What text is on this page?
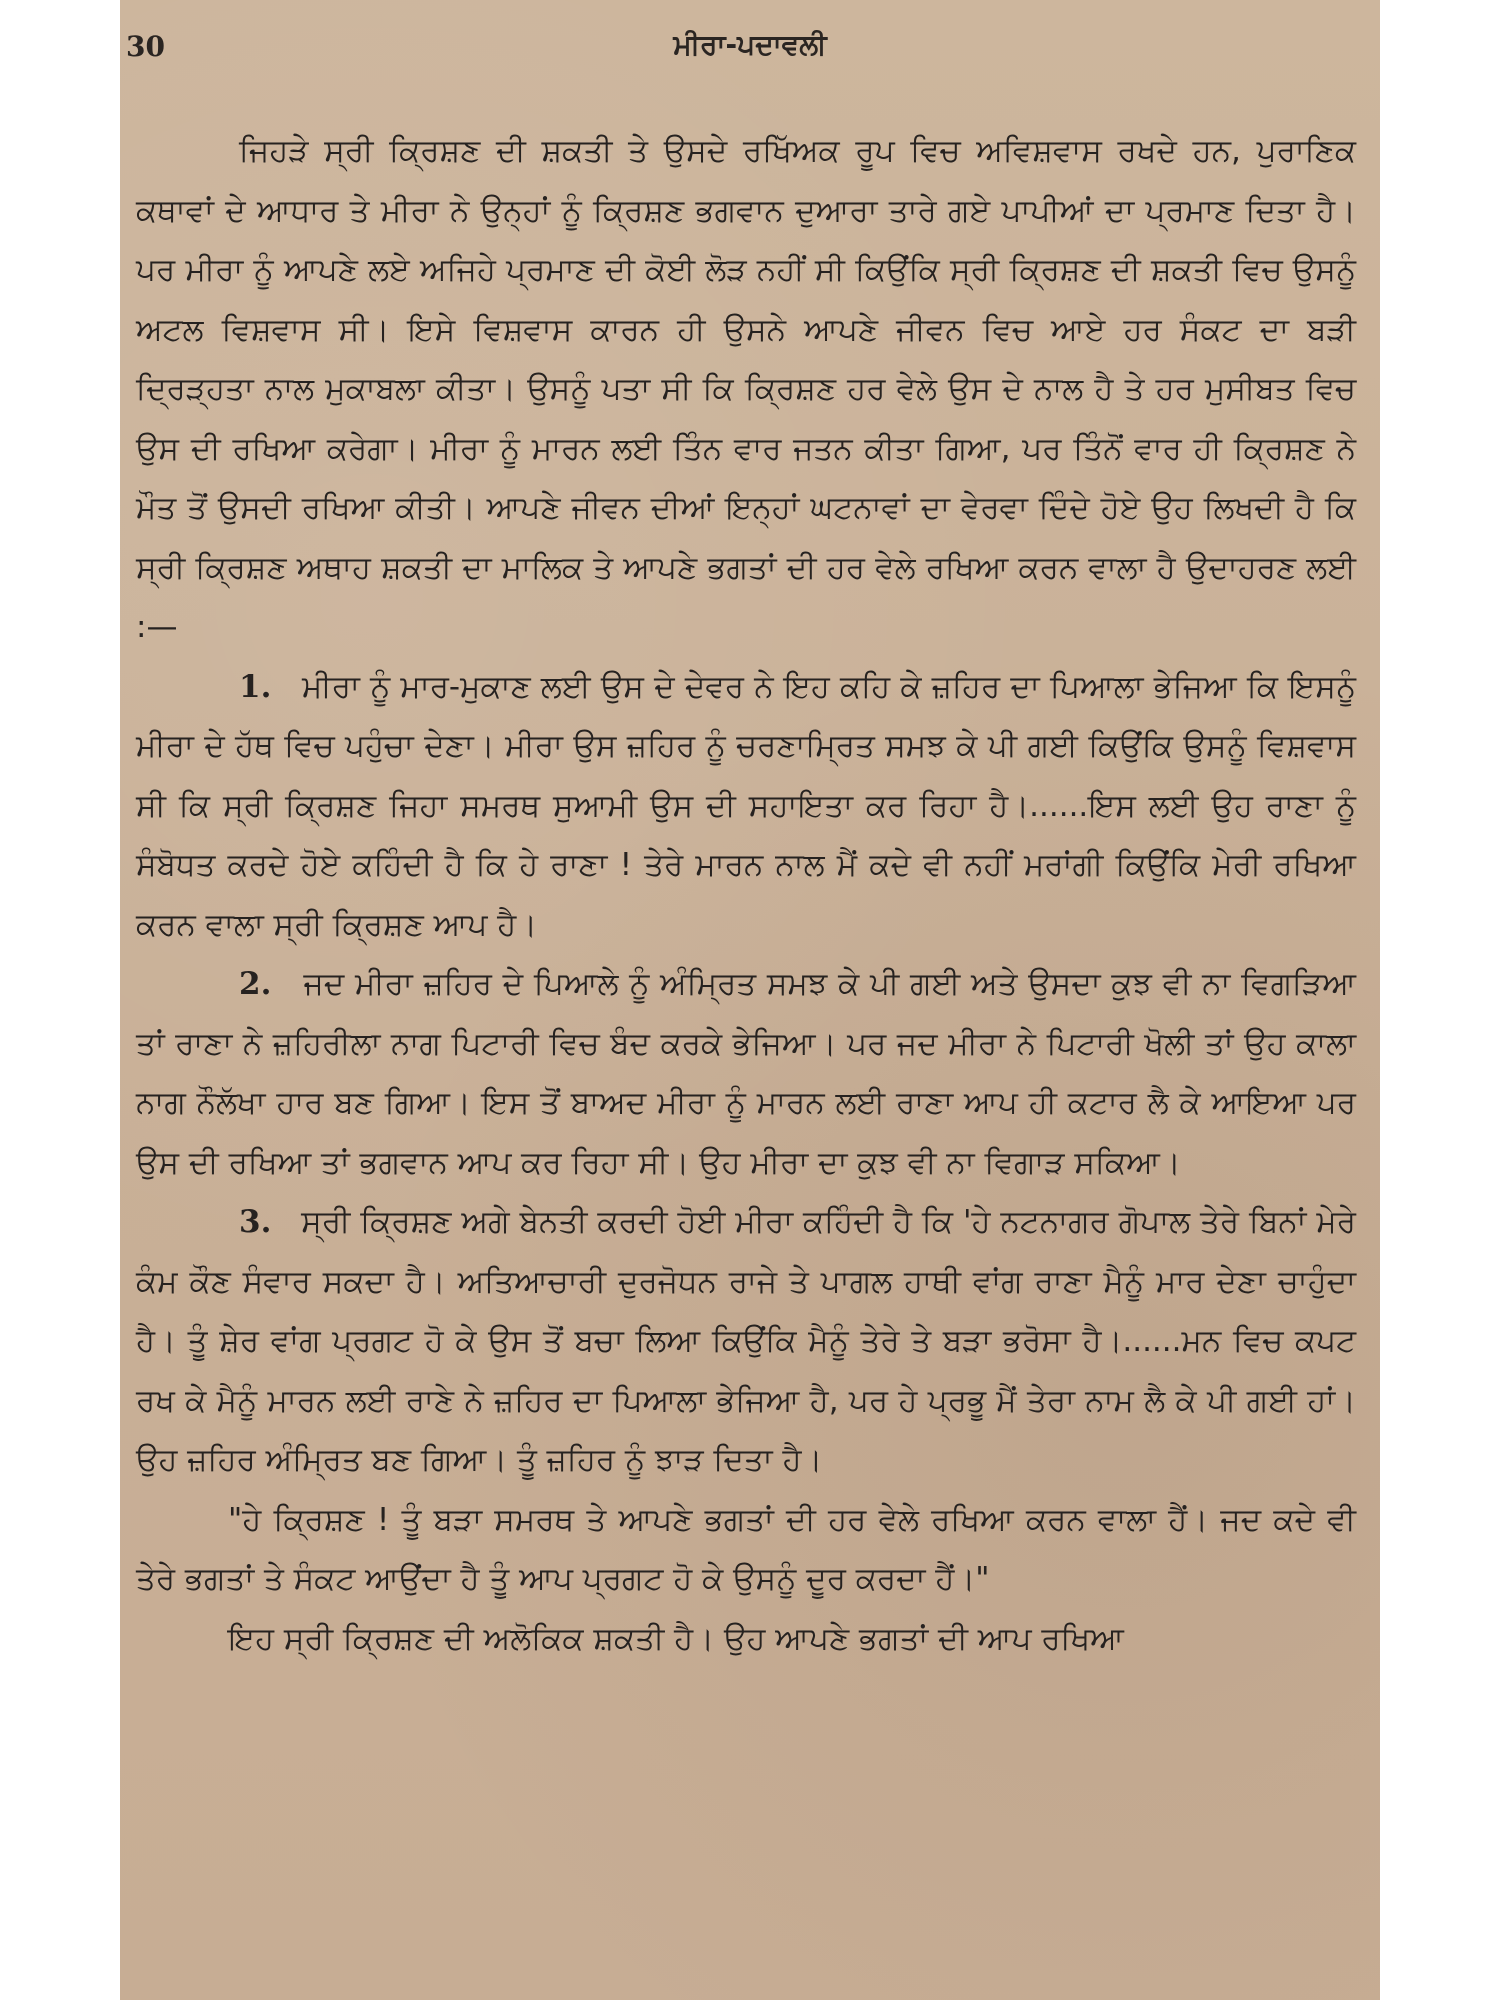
30	ਮੀਰਾ-ਪਦਾਵਲੀ

ਜਿਹੜੇ ਸ੍ਰੀ ਕ੍ਰਿਸ਼ਣ ਦੀ ਸ਼ਕਤੀ ਤੇ ਉਸਦੇ ਰਖਿੱਅਕ ਰੂਪ ਵਿਚ ਅਵਿਸ਼ਵਾਸ ਰਖਦੇ ਹਨ, ਪੁਰਾਣਿਕ ਕਥਾਵਾਂ ਦੇ ਆਧਾਰ ਤੇ ਮੀਰਾ ਨੇ ਉਨ੍ਹਾਂ ਨੂੰ ਕ੍ਰਿਸ਼ਣ ਭਗਵਾਨ ਦੁਆਰਾ ਤਾਰੇ ਗਏ ਪਾਪੀਆਂ ਦਾ ਪ੍ਰਮਾਣ ਦਿਤਾ ਹੈ। ਪਰ ਮੀਰਾ ਨੂੰ ਆਪਣੇ ਲਏ ਅਜਿਹੇ ਪ੍ਰਮਾਣ ਦੀ ਕੋਈ ਲੋੜ ਨਹੀਂ ਸੀ ਕਿਉਂਕਿ ਸ੍ਰੀ ਕ੍ਰਿਸ਼ਣ ਦੀ ਸ਼ਕਤੀ ਵਿਚ ਉਸਨੂੰ ਅਟਲ ਵਿਸ਼ਵਾਸ ਸੀ। ਇਸੇ ਵਿਸ਼ਵਾਸ ਕਾਰਨ ਹੀ ਉਸਨੇ ਆਪਣੇ ਜੀਵਨ ਵਿਚ ਆਏ ਹਰ ਸੰਕਟ ਦਾ ਬੜੀ ਦ੍ਰਿੜ੍ਹਤਾ ਨਾਲ ਮੁਕਾਬਲਾ ਕੀਤਾ। ਉਸਨੂੰ ਪਤਾ ਸੀ ਕਿ ਕ੍ਰਿਸ਼ਣ ਹਰ ਵੇਲੇ ਉਸ ਦੇ ਨਾਲ ਹੈ ਤੇ ਹਰ ਮੁਸੀਬਤ ਵਿਚ ਉਸ ਦੀ ਰਖਿਆ ਕਰੇਗਾ। ਮੀਰਾ ਨੂੰ ਮਾਰਨ ਲਈ ਤਿੰਨ ਵਾਰ ਜਤਨ ਕੀਤਾ ਗਿਆ, ਪਰ ਤਿੰਨੋਂ ਵਾਰ ਹੀ ਕ੍ਰਿਸ਼ਣ ਨੇ ਮੌਤ ਤੋਂ ਉਸਦੀ ਰਖਿਆ ਕੀਤੀ। ਆਪਣੇ ਜੀਵਨ ਦੀਆਂ ਇਨ੍ਹਾਂ ਘਟਨਾਵਾਂ ਦਾ ਵੇਰਵਾ ਦਿੰਦੇ ਹੋਏ ਉਹ ਲਿਖਦੀ ਹੈ ਕਿ ਸ੍ਰੀ ਕ੍ਰਿਸ਼ਣ ਅਥਾਹ ਸ਼ਕਤੀ ਦਾ ਮਾਲਿਕ ਤੇ ਆਪਣੇ ਭਗਤਾਂ ਦੀ ਹਰ ਵੇਲੇ ਰਖਿਆ ਕਰਨ ਵਾਲਾ ਹੈ ਉਦਾਹਰਣ ਲਈ :—

1. ਮੀਰਾ ਨੂੰ ਮਾਰ-ਮੁਕਾਣ ਲਈ ਉਸ ਦੇ ਦੇਵਰ ਨੇ ਇਹ ਕਹਿ ਕੇ ਜ਼ਹਿਰ ਦਾ ਪਿਆਲਾ ਭੇਜਿਆ ਕਿ ਇਸਨੂੰ ਮੀਰਾ ਦੇ ਹੱਥ ਵਿਚ ਪਹੁੰਚਾ ਦੇਣਾ। ਮੀਰਾ ਉਸ ਜ਼ਹਿਰ ਨੂੰ ਚਰਣਾਮ੍ਰਿਤ ਸਮਝ ਕੇ ਪੀ ਗਈ ਕਿਉਂਕਿ ਉਸਨੂੰ ਵਿਸ਼ਵਾਸ ਸੀ ਕਿ ਸ੍ਰੀ ਕ੍ਰਿਸ਼ਣ ਜਿਹਾ ਸਮਰਥ ਸੁਆਮੀ ਉਸ ਦੀ ਸਹਾਇਤਾ ਕਰ ਰਿਹਾ ਹੈ।......ਇਸ ਲਈ ਉਹ ਰਾਣਾ ਨੂੰ ਸੰਬੋਧਤ ਕਰਦੇ ਹੋਏ ਕਹਿੰਦੀ ਹੈ ਕਿ ਹੇ ਰਾਣਾ ! ਤੇਰੇ ਮਾਰਨ ਨਾਲ ਮੈਂ ਕਦੇ ਵੀ ਨਹੀਂ ਮਰਾਂਗੀ ਕਿਉਂਕਿ ਮੇਰੀ ਰਖਿਆ ਕਰਨ ਵਾਲਾ ਸ੍ਰੀ ਕ੍ਰਿਸ਼ਣ ਆਪ ਹੈ।

2. ਜਦ ਮੀਰਾ ਜ਼ਹਿਰ ਦੇ ਪਿਆਲੇ ਨੂੰ ਅੰਮ੍ਰਿਤ ਸਮਝ ਕੇ ਪੀ ਗਈ ਅਤੇ ਉਸਦਾ ਕੁਝ ਵੀ ਨਾ ਵਿਗੜਿਆ ਤਾਂ ਰਾਣਾ ਨੇ ਜ਼ਹਿਰੀਲਾ ਨਾਗ ਪਿਟਾਰੀ ਵਿਚ ਬੰਦ ਕਰਕੇ ਭੇਜਿਆ। ਪਰ ਜਦ ਮੀਰਾ ਨੇ ਪਿਟਾਰੀ ਖੋਲੀ ਤਾਂ ਉਹ ਕਾਲਾ ਨਾਗ ਨੌਲੱਖਾ ਹਾਰ ਬਣ ਗਿਆ। ਇਸ ਤੋਂ ਬਾਅਦ ਮੀਰਾ ਨੂੰ ਮਾਰਨ ਲਈ ਰਾਣਾ ਆਪ ਹੀ ਕਟਾਰ ਲੈ ਕੇ ਆਇਆ ਪਰ ਉਸ ਦੀ ਰਖਿਆ ਤਾਂ ਭਗਵਾਨ ਆਪ ਕਰ ਰਿਹਾ ਸੀ। ਉਹ ਮੀਰਾ ਦਾ ਕੁਝ ਵੀ ਨਾ ਵਿਗਾੜ ਸਕਿਆ।

3. ਸ੍ਰੀ ਕ੍ਰਿਸ਼ਣ ਅਗੇ ਬੇਨਤੀ ਕਰਦੀ ਹੋਈ ਮੀਰਾ ਕਹਿੰਦੀ ਹੈ ਕਿ 'ਹੇ ਨਟਨਾਗਰ ਗੋਪਾਲ ਤੇਰੇ ਬਿਨਾਂ ਮੇਰੇ ਕੰਮ ਕੌਣ ਸੰਵਾਰ ਸਕਦਾ ਹੈ। ਅਤਿਆਚਾਰੀ ਦੁਰਜੋਧਨ ਰਾਜੇ ਤੇ ਪਾਗਲ ਹਾਥੀ ਵਾਂਗ ਰਾਣਾ ਮੈਨੂੰ ਮਾਰ ਦੇਣਾ ਚਾਹੁੰਦਾ ਹੈ। ਤੂੰ ਸ਼ੇਰ ਵਾਂਗ ਪ੍ਰਗਟ ਹੋ ਕੇ ਉਸ ਤੋਂ ਬਚਾ ਲਿਆ ਕਿਉਂਕਿ ਮੈਨੂੰ ਤੇਰੇ ਤੇ ਬੜਾ ਭਰੋਸਾ ਹੈ।......ਮਨ ਵਿਚ ਕਪਟ ਰਖ ਕੇ ਮੈਨੂੰ ਮਾਰਨ ਲਈ ਰਾਣੇ ਨੇ ਜ਼ਹਿਰ ਦਾ ਪਿਆਲਾ ਭੇਜਿਆ ਹੈ, ਪਰ ਹੇ ਪ੍ਰਭੂ ਮੈਂ ਤੇਰਾ ਨਾਮ ਲੈ ਕੇ ਪੀ ਗਈ ਹਾਂ। ਉਹ ਜ਼ਹਿਰ ਅੰਮ੍ਰਿਤ ਬਣ ਗਿਆ। ਤੂੰ ਜ਼ਹਿਰ ਨੂੰ ਝਾੜ ਦਿਤਾ ਹੈ।

"ਹੇ ਕ੍ਰਿਸ਼ਣ ! ਤੂੰ ਬੜਾ ਸਮਰਥ ਤੇ ਆਪਣੇ ਭਗਤਾਂ ਦੀ ਹਰ ਵੇਲੇ ਰਖਿਆ ਕਰਨ ਵਾਲਾ ਹੈਂ। ਜਦ ਕਦੇ ਵੀ ਤੇਰੇ ਭਗਤਾਂ ਤੇ ਸੰਕਟ ਆਉਂਦਾ ਹੈ ਤੂੰ ਆਪ ਪ੍ਰਗਟ ਹੋ ਕੇ ਉਸਨੂੰ ਦੂਰ ਕਰਦਾ ਹੈਂ।"

ਇਹ ਸ੍ਰੀ ਕ੍ਰਿਸ਼ਣ ਦੀ ਅਲੋਕਿਕ ਸ਼ਕਤੀ ਹੈ। ਉਹ ਆਪਣੇ ਭਗਤਾਂ ਦੀ ਆਪ ਰਖਿਆ
